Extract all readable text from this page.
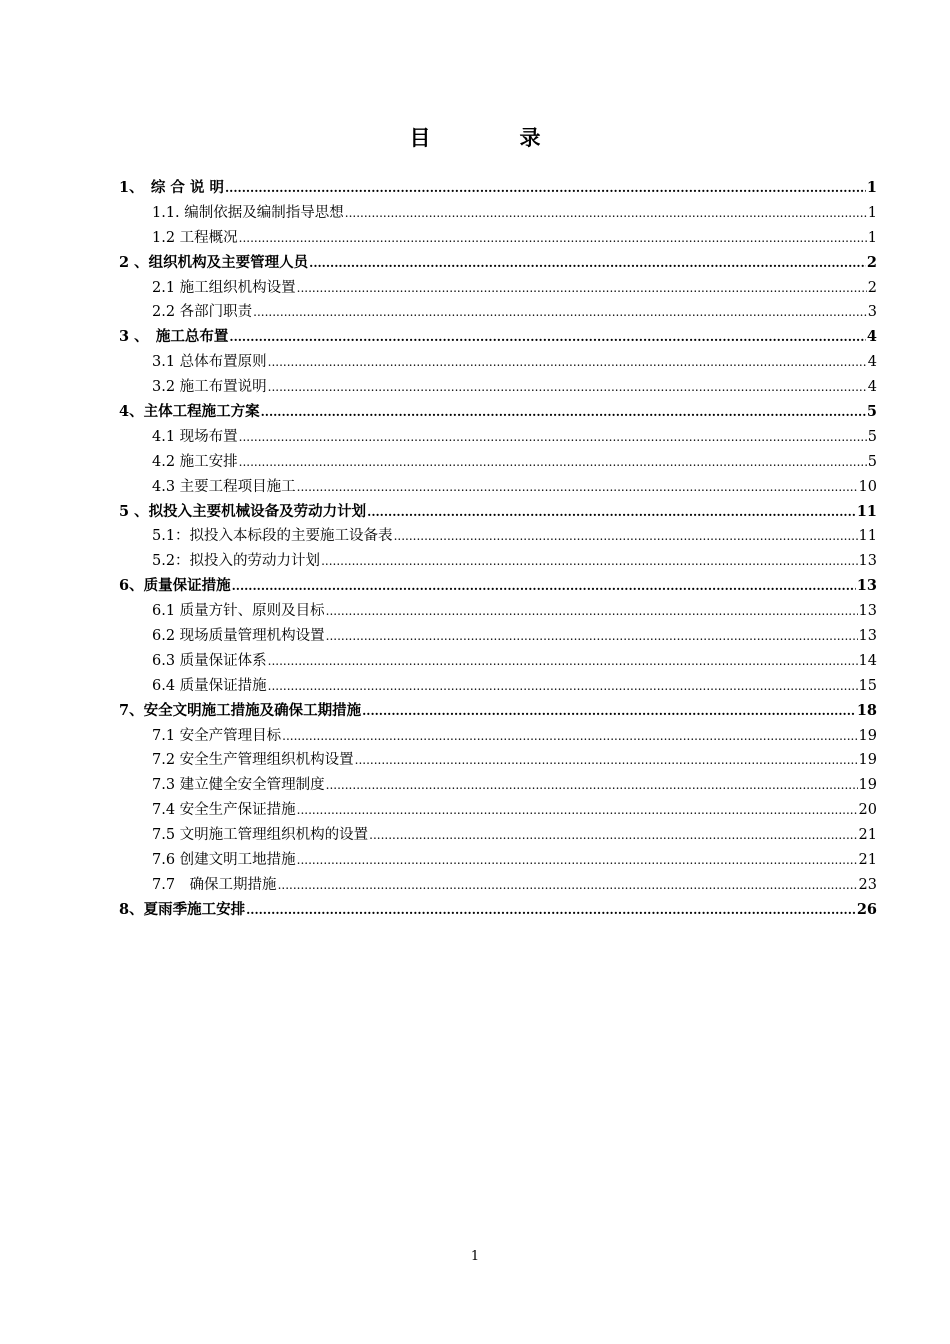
目　录
1、　综 合 说 明 .....	1
1.1. 编制依据及编制指导思想 .....	1
1.2 工程概况 .....	1
2 、组织机构及主要管理人员 .....	2
2.1 施工组织机构设置 .....	2
2.2 各部门职责 .....	3
3 、　施工总布置 .....	4
3.1 总体布置原则 .....	4
3.2 施工布置说明 .....	4
4、主体工程施工方案 .....	5
4.1 现场布置 .....	5
4.2 施工安排 .....	5
4.3 主要工程项目施工 .....	10
5 、拟投入主要机械设备及劳动力计划 .....	11
5.1：拟投入本标段的主要施工设备表 .....	11
5.2：拟投入的劳动力计划 .....	13
6、质量保证措施 .....	13
6.1 质量方针、原则及目标 .....	13
6.2 现场质量管理机构设置 .....	13
6.3 质量保证体系 .....	14
6.4 质量保证措施 .....	15
7、安全文明施工措施及确保工期措施 .....	18
7.1 安全产管理目标 .....	19
7.2 安全生产管理组织机构设置 .....	19
7.3 建立健全安全管理制度 .....	19
7.4 安全生产保证措施 .....	20
7.5 文明施工管理组织机构的设置 .....	21
7.6 创建文明工地措施 .....	21
7.7　确保工期措施 .....	23
8、夏雨季施工安排 .....	26
1
